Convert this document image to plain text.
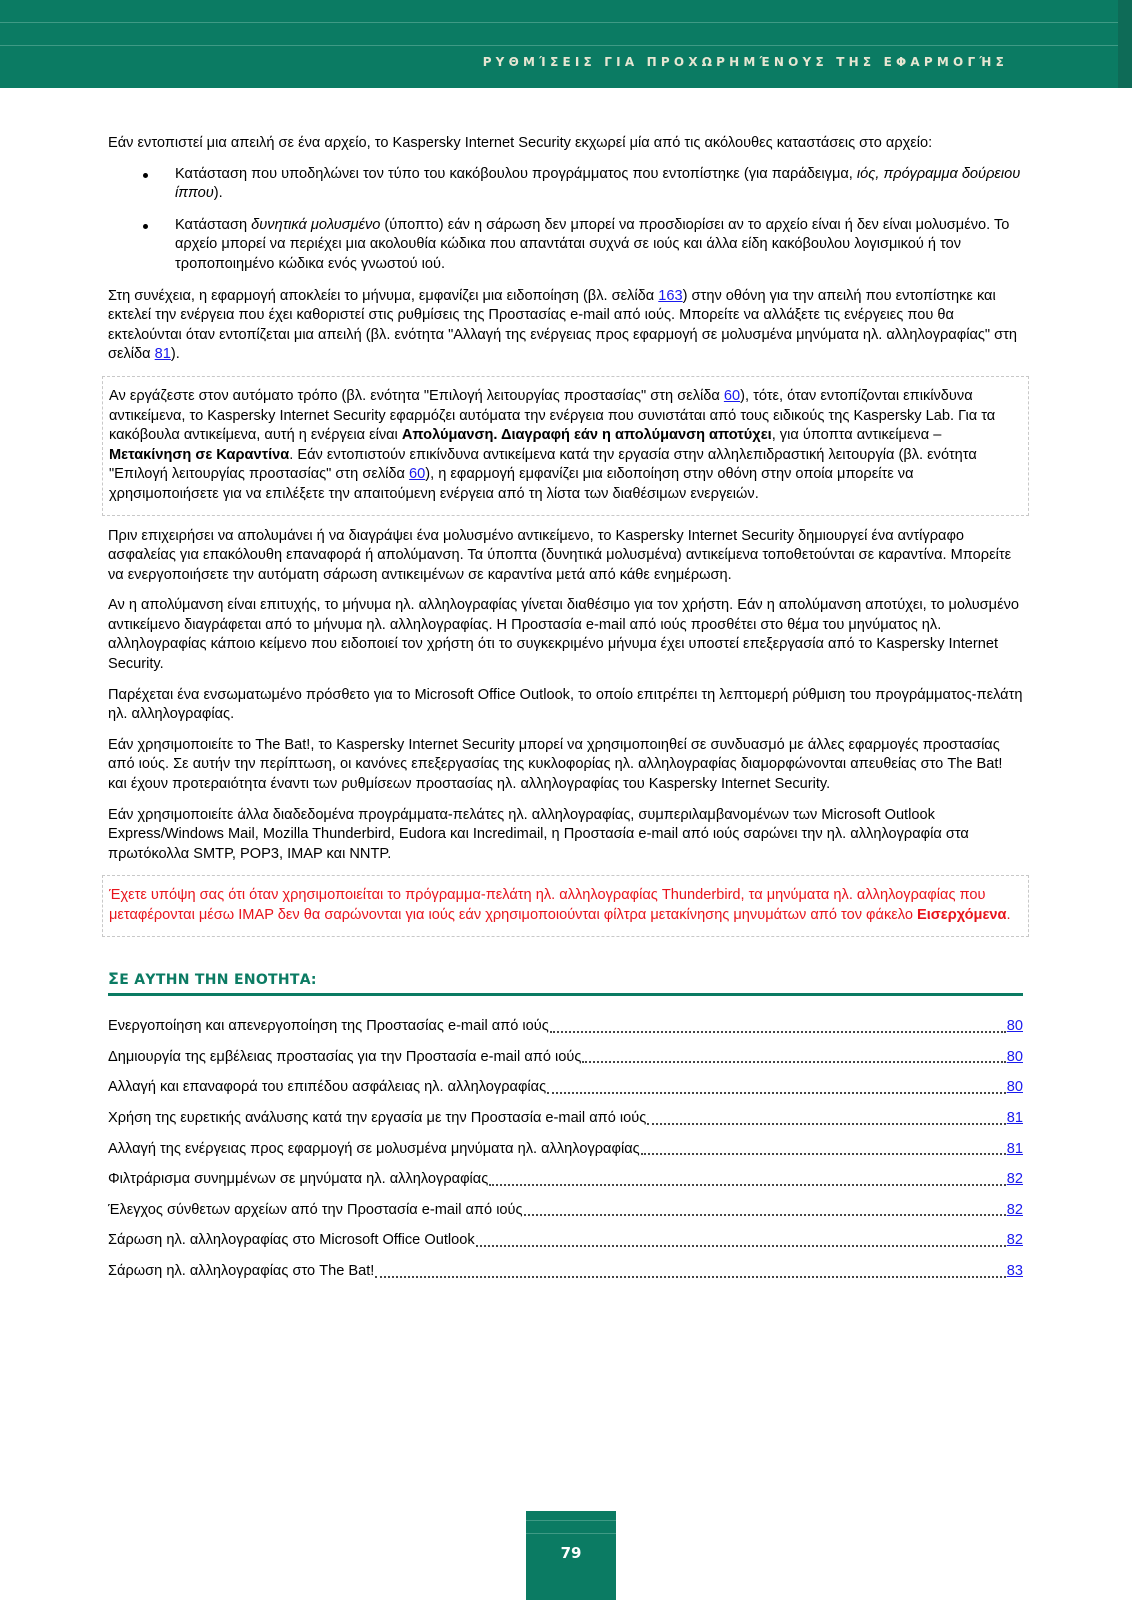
ΡΥΘΜΊΣΕΙΣ ΓΙΑ ΠΡΟΧΩΡΗΜΈΝΟΥΣ ΤΗΣ ΕΦΑΡΜΟΓΉΣ

Εάν εντοπιστεί μια απειλή σε ένα αρχείο, το Kaspersky Internet Security εκχωρεί μία από τις ακόλουθες καταστάσεις στο αρχείο:

Κατάσταση που υποδηλώνει τον τύπο του κακόβουλου προγράμματος που εντοπίστηκε (για παράδειγμα, ιός, πρόγραμμα δούρειου ίππου).
Κατάσταση δυνητικά μολυσμένο (ύποπτο) εάν η σάρωση δεν μπορεί να προσδιορίσει αν το αρχείο είναι ή δεν είναι μολυσμένο. Το αρχείο μπορεί να περιέχει μια ακολουθία κώδικα που απαντάται συχνά σε ιούς και άλλα είδη κακόβουλου λογισμικού ή τον τροποποιημένο κώδικα ενός γνωστού ιού.

Στη συνέχεια, η εφαρμογή αποκλείει το μήνυμα, εμφανίζει μια ειδοποίηση (βλ. σελίδα 163) στην οθόνη για την απειλή που εντοπίστηκε και εκτελεί την ενέργεια που έχει καθοριστεί στις ρυθμίσεις της Προστασίας e-mail από ιούς. Μπορείτε να αλλάξετε τις ενέργειες που θα εκτελούνται όταν εντοπίζεται μια απειλή (βλ. ενότητα "Αλλαγή της ενέργειας προς εφαρμογή σε μολυσμένα μηνύματα ηλ. αλληλογραφίας" στη σελίδα 81).

Αν εργάζεστε στον αυτόματο τρόπο (βλ. ενότητα "Επιλογή λειτουργίας προστασίας" στη σελίδα 60), τότε, όταν εντοπίζονται επικίνδυνα αντικείμενα, το Kaspersky Internet Security εφαρμόζει αυτόματα την ενέργεια που συνιστάται από τους ειδικούς της Kaspersky Lab. Για τα κακόβουλα αντικείμενα, αυτή η ενέργεια είναι Απολύμανση. Διαγραφή εάν η απολύμανση αποτύχει, για ύποπτα αντικείμενα – Μετακίνηση σε Καραντίνα. Εάν εντοπιστούν επικίνδυνα αντικείμενα κατά την εργασία στην αλληλεπιδραστική λειτουργία (βλ. ενότητα "Επιλογή λειτουργίας προστασίας" στη σελίδα 60), η εφαρμογή εμφανίζει μια ειδοποίηση στην οθόνη στην οποία μπορείτε να χρησιμοποιήσετε για να επιλέξετε την απαιτούμενη ενέργεια από τη λίστα των διαθέσιμων ενεργειών.

Πριν επιχειρήσει να απολυμάνει ή να διαγράψει ένα μολυσμένο αντικείμενο, το Kaspersky Internet Security δημιουργεί ένα αντίγραφο ασφαλείας για επακόλουθη επαναφορά ή απολύμανση. Τα ύποπτα (δυνητικά μολυσμένα) αντικείμενα τοποθετούνται σε καραντίνα. Μπορείτε να ενεργοποιήσετε την αυτόματη σάρωση αντικειμένων σε καραντίνα μετά από κάθε ενημέρωση.

Αν η απολύμανση είναι επιτυχής, το μήνυμα ηλ. αλληλογραφίας γίνεται διαθέσιμο για τον χρήστη. Εάν η απολύμανση αποτύχει, το μολυσμένο αντικείμενο διαγράφεται από το μήνυμα ηλ. αλληλογραφίας. Η Προστασία e-mail από ιούς προσθέτει στο θέμα του μηνύματος ηλ. αλληλογραφίας κάποιο κείμενο που ειδοποιεί τον χρήστη ότι το συγκεκριμένο μήνυμα έχει υποστεί επεξεργασία από το Kaspersky Internet Security.

Παρέχεται ένα ενσωματωμένο πρόσθετο για το Microsoft Office Outlook, το οποίο επιτρέπει τη λεπτομερή ρύθμιση του προγράμματος-πελάτη ηλ. αλληλογραφίας.

Εάν χρησιμοποιείτε το The Bat!, το Kaspersky Internet Security μπορεί να χρησιμοποιηθεί σε συνδυασμό με άλλες εφαρμογές προστασίας από ιούς. Σε αυτήν την περίπτωση, οι κανόνες επεξεργασίας της κυκλοφορίας ηλ. αλληλογραφίας διαμορφώνονται απευθείας στο The Bat! και έχουν προτεραιότητα έναντι των ρυθμίσεων προστασίας ηλ. αλληλογραφίας του Kaspersky Internet Security.

Εάν χρησιμοποιείτε άλλα διαδεδομένα προγράμματα-πελάτες ηλ. αλληλογραφίας, συμπεριλαμβανομένων των Microsoft Outlook Express/Windows Mail, Mozilla Thunderbird, Eudora και Incredimail, η Προστασία e-mail από ιούς σαρώνει την ηλ. αλληλογραφία στα πρωτόκολλα SMTP, POP3, IMAP και NNTP.

Έχετε υπόψη σας ότι όταν χρησιμοποιείται το πρόγραμμα-πελάτη ηλ. αλληλογραφίας Thunderbird, τα μηνύματα ηλ. αλληλογραφίας που μεταφέρονται μέσω IMAP δεν θα σαρώνονται για ιούς εάν χρησιμοποιούνται φίλτρα μετακίνησης μηνυμάτων από τον φάκελο Εισερχόμενα.
ΣΕ ΑΥΤΗΝ ΤΗΝ ΕΝΟΤΗΤΑ:
Ενεργοποίηση και απενεργοποίηση της Προστασίας e-mail από ιούς	80
Δημιουργία της εμβέλειας προστασίας για την Προστασία e-mail από ιούς	80
Αλλαγή και επαναφορά του επιπέδου ασφάλειας ηλ. αλληλογραφίας	80
Χρήση της ευρετικής ανάλυσης κατά την εργασία με την Προστασία e-mail από ιούς	81
Αλλαγή της ενέργειας προς εφαρμογή σε μολυσμένα μηνύματα ηλ. αλληλογραφίας	81
Φιλτράρισμα συνημμένων σε μηνύματα ηλ. αλληλογραφίας	82
Έλεγχος σύνθετων αρχείων από την Προστασία e-mail από ιούς	82
Σάρωση ηλ. αλληλογραφίας στο Microsoft Office Outlook	82
Σάρωση ηλ. αλληλογραφίας στο The Bat!	83
79
